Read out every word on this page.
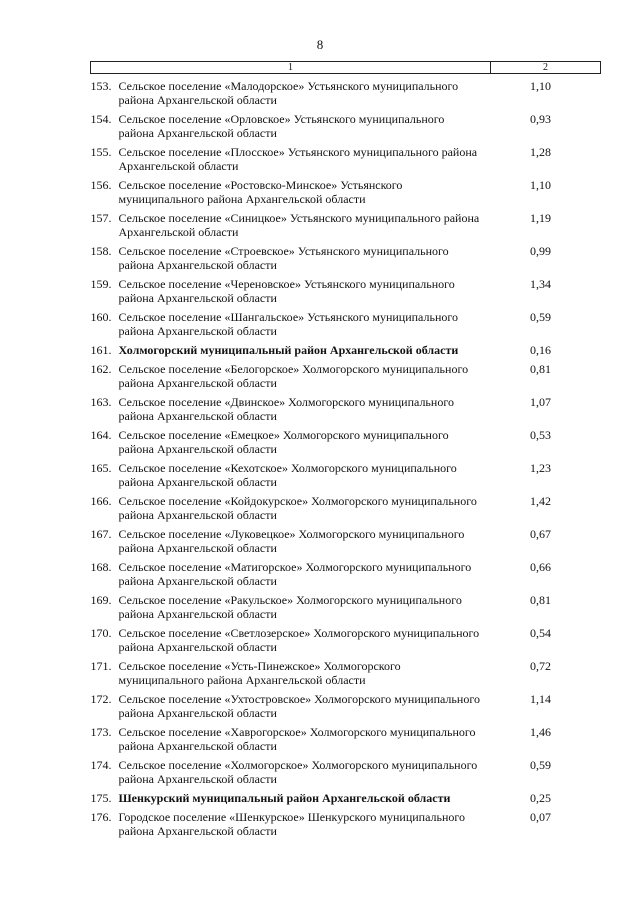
8
1	2

153. Сельское поселение «Малодорское» Устьянского муниципального района Архангельской области	1,10

154. Сельское поселение «Орловское» Устьянского муниципального района Архангельской области	0,93

155. Сельское поселение «Плосское» Устьянского муниципального района Архангельской области	1,28

156. Сельское поселение «Ростовско-Минское» Устьянского муниципального района Архангельской области	1,10

157. Сельское поселение «Синицкое» Устьянского муниципального района Архангельской области	1,19

158. Сельское поселение «Строевское» Устьянского муниципального района Архангельской области	0,99

159. Сельское поселение «Череновское» Устьянского муниципального района Архангельской области	1,34

160. Сельское поселение «Шангальское» Устьянского муниципального района Архангельской области	0,59

161. Холмогорский муниципальный район Архангельской области	0,16

162. Сельское поселение «Белогорское» Холмогорского муниципального района Архангельской области	0,81

163. Сельское поселение «Двинское» Холмогорского муниципального района Архангельской области	1,07

164. Сельское поселение «Емецкое» Холмогорского муниципального района Архангельской области	0,53

165. Сельское поселение «Кехотское» Холмогорского муниципального района Архангельской области	1,23

166. Сельское поселение «Койдокурское» Холмогорского муниципального района Архангельской области	1,42

167. Сельское поселение «Луковецкое» Холмогорского муниципального района Архангельской области	0,67

168. Сельское поселение «Матигорское» Холмогорского муниципального района Архангельской области	0,66

169. Сельское поселение «Ракульское» Холмогорского муниципального района Архангельской области	0,81

170. Сельское поселение «Светлозерское» Холмогорского муниципального района Архангельской области	0,54

171. Сельское поселение «Усть-Пинежское» Холмогорского муниципального района Архангельской области	0,72

172. Сельское поселение «Ухтостровское» Холмогорского муниципального района Архангельской области	1,14

173. Сельское поселение «Хаврогорское» Холмогорского муниципального района Архангельской области	1,46

174. Сельское поселение «Холмогорское» Холмогорского муниципального района Архангельской области	0,59

175. Шенкурский муниципальный район Архангельской области	0,25

176. Городское поселение «Шенкурское» Шенкурского муниципального района Архангельской области	0,07
